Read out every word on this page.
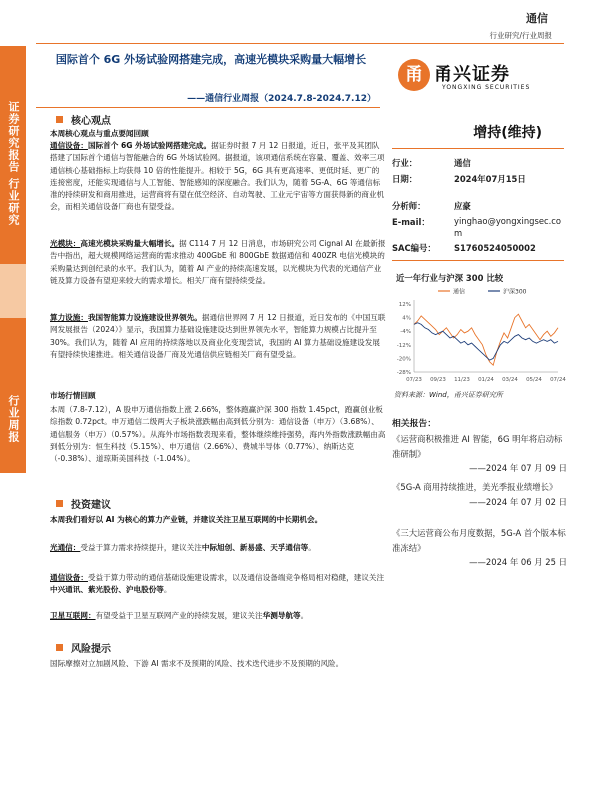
通信
行业研究/行业周报
证券研究报告 行业研究
行业周报
国际首个 6G 外场试验网搭建完成，高速光模块采购量大幅增长
——通信行业周报（2024.7.8-2024.7.12）
甬 甬兴证券
YONGXING SECURITIES
核心观点
本周核心观点与重点要闻回顾
通信设备：国际首个 6G 外场试验网搭建完成。据证券时报 7 月 12 日报道，近日，张平及其团队搭建了国际首个通信与智能融合的 6G 外场试验网。据报道，该项通信系统在容量、覆盖、效率三项通信核心基础指标上均获得 10 倍的性能提升。相较于 5G，6G 具有更高速率、更低时延、更广的连接密度，还能实现通信与人工智能、智能感知的深度融合。我们认为，随着 5G-A、6G 等通信标准的持续研发和商用推进，运营商将有望在低空经济、自动驾驶、工业元宇宙等方面获得新的商业机会，而相关通信设备厂商也有望受益。
光模块：高速光模块采购量大幅增长。据 C114 7 月 12 日消息，市场研究公司 Cignal AI 在最新报告中指出，超大规模网络运营商的需求推动 400GbE 和 800GbE 数据通信和 400ZR 电信光模块的采购量达到创纪录的水平。我们认为，随着 AI 产业的持续高速发展，以光模块为代表的光通信产业链及算力设备有望迎来较大的需求增长。相关厂商有望持续受益。
算力设施：我国智能算力设施建设世界领先。据通信世界网 7 月 12 日报道，近日发布的《中国互联网发展报告（2024）》显示，我国算力基础设施建设达到世界领先水平，智能算力规模占比提升至 30%。我们认为，随着 AI 应用的持续落地以及商业化变现尝试，我国的 AI 算力基础设施建设发展有望持续快速推进。相关通信设备厂商及光通信供应链相关厂商有望受益。
市场行情回顾
本周（7.8-7.12），A 股申万通信指数上涨 2.66%，整体跑赢沪深 300 指数 1.45pct，跑赢创业板综指数 0.72pct。申万通信二级两大子板块涨跌幅由高到低分别为：通信设备（申万）（3.68%）、通信服务（申万）（0.57%）。从海外市场指数表现来看，整体继续维持强势，海内外指数涨跌幅由高到低分别为：恒生科技（5.15%）、申万通信（2.66%）、费城半导体（0.77%）、纳斯达克（-0.38%）、道琼斯美国科技（-1.04%）。
投资建议
本周我们看好以 AI 为核心的算力产业链，并建议关注卫星互联网的中长期机会。
光通信：受益于算力需求持续提升，建议关注中际旭创、新易盛、天孚通信等。
通信设备：受益于算力带动的通信基础设施建设需求，以及通信设备端竞争格局相对稳健，建议关注中兴通讯、紫光股份、沪电股份等。
卫星互联网：有望受益于卫星互联网产业的持续发展，建议关注华测导航等。
风险提示
国际摩擦对立加剧风险、下游 AI 需求不及预期的风险、技术迭代进步不及预期的风险。
增持(维持)
行业：	通信
日期：	2024年07月15日
分析师：	应豪
E-mail：	yinghao@yongxingsec.com
SAC编号： S1760524050002
近一年行业与沪深 300 比较
通信	沪深300
12%
4%
-4%
-12%
-20%
-28%
07/23 09/23 11/23 01/24 03/24 05/24 07/24
资料来源：Wind，甬兴证券研究所
相关报告：
《运营商积极推进 AI 智能，6G 明年将启动标准研制》
——2024 年 07 月 09 日
《5G-A 商用持续推进，美光季报业绩增长》
——2024 年 07 月 02 日
《三大运营商公布月度数据，5G-A 首个版本标准冻结》
——2024 年 06 月 25 日
